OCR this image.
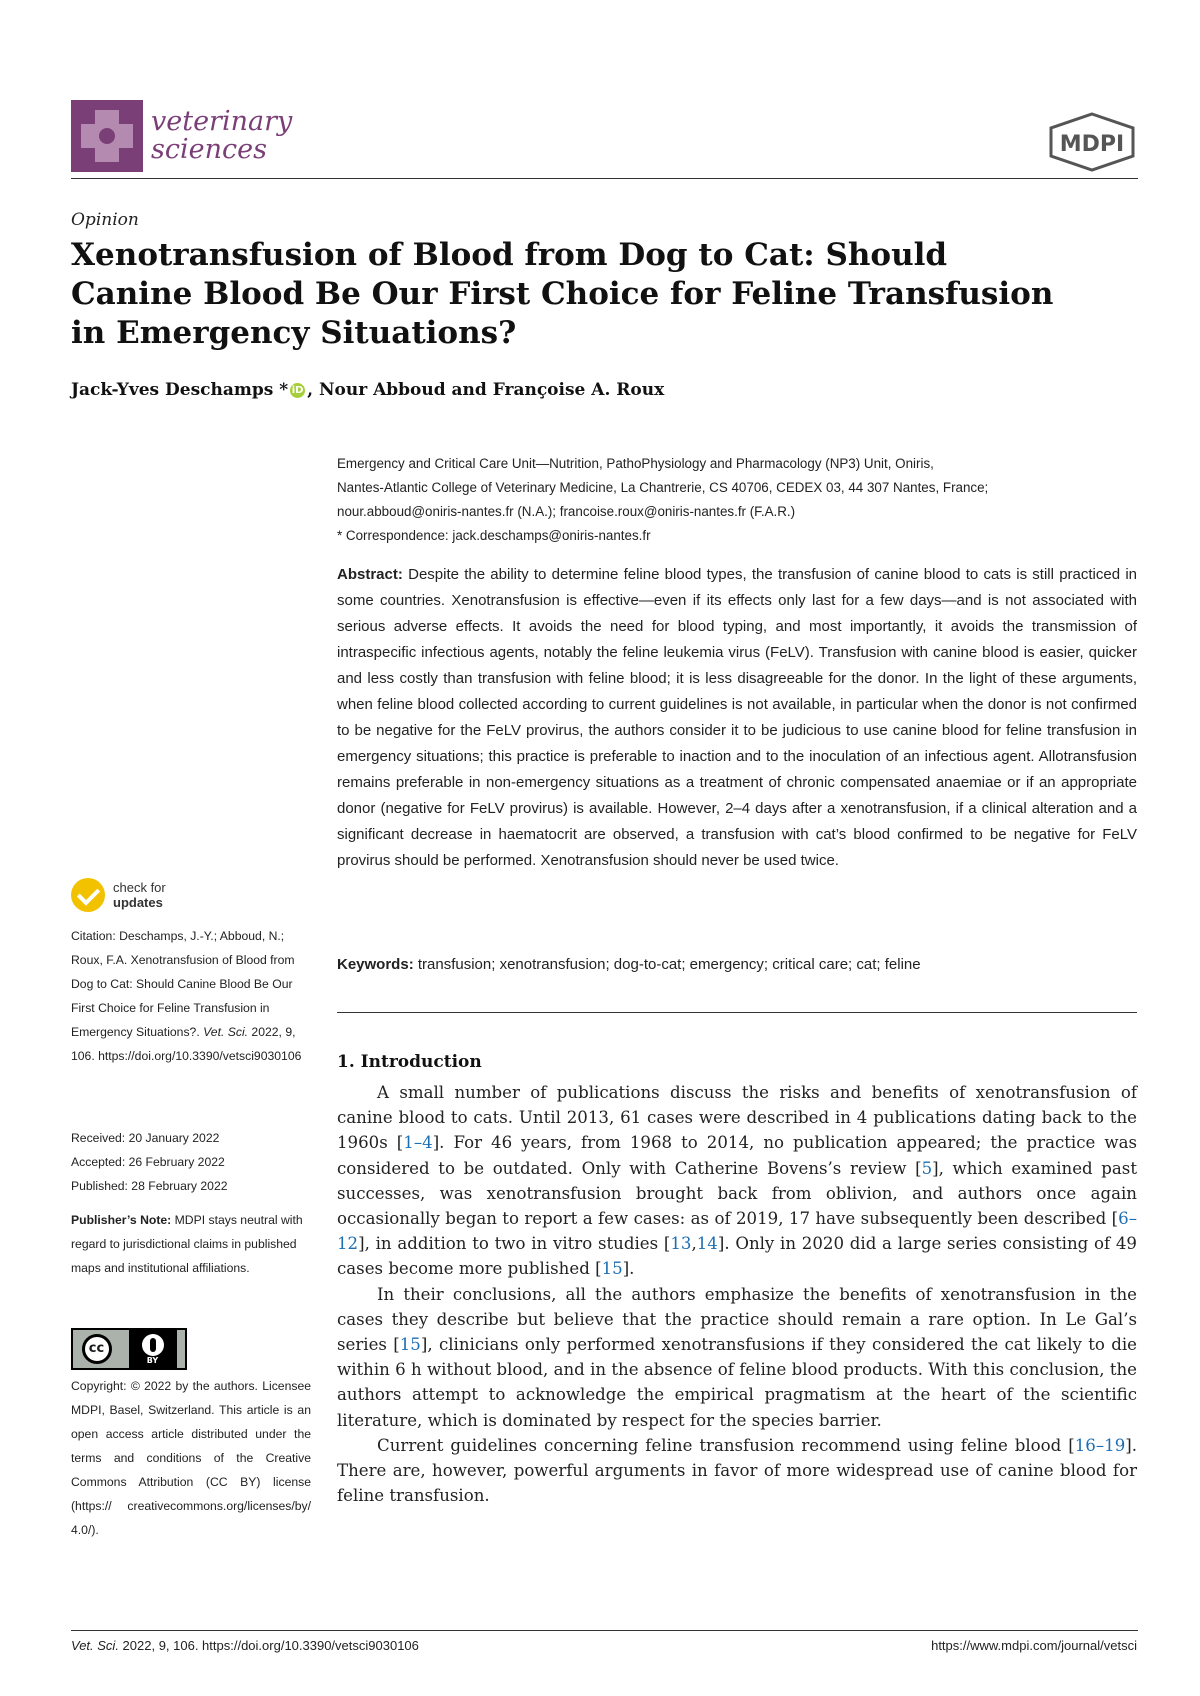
veterinary
sciences	MDPI
Opinion
Xenotransfusion of Blood from Dog to Cat: Should Canine Blood Be Our First Choice for Feline Transfusion in Emergency Situations?
Jack-Yves Deschamps * iD , Nour Abboud and Françoise A. Roux

Emergency and Critical Care Unit—Nutrition, PathoPhysiology and Pharmacology (NP3) Unit, Oniris,

Nantes-Atlantic College of Veterinary Medicine, La Chantrerie, CS 40706, CEDEX 03, 44 307 Nantes, France;

nour.abboud@oniris-nantes.fr (N.A.); francoise.roux@oniris-nantes.fr (F.A.R.)

* Correspondence: jack.deschamps@oniris-nantes.fr

Abstract: Despite the ability to determine feline blood types, the transfusion of canine blood to cats is still practiced in some countries. Xenotransfusion is effective—even if its effects only last for a few days—and is not associated with serious adverse effects. It avoids the need for blood typing, and most importantly, it avoids the transmission of intraspecific infectious agents, notably the feline leukemia virus (FeLV). Transfusion with canine blood is easier, quicker and less costly than transfusion with feline blood; it is less disagreeable for the donor. In the light of these arguments, when feline blood collected according to current guidelines is not available, in particular when the donor is not confirmed to be negative for the FeLV provirus, the authors consider it to be judicious to use canine blood for feline transfusion in emergency situations; this practice is preferable to inaction and to the inoculation of an infectious agent. Allotransfusion remains preferable in non-emergency situations as a treatment of chronic compensated anaemiae or if an appropriate donor (negative for FeLV provirus) is available. However, 2–4 days after a xenotransfusion, if a clinical alteration and a significant decrease in haematocrit are observed, a transfusion with cat’s blood confirmed to be negative for FeLV provirus should be performed. Xenotransfusion should never be used twice.

Keywords: transfusion; xenotransfusion; dog-to-cat; emergency; critical care; cat; feline

1. Introduction

A small number of publications discuss the risks and benefits of xenotransfusion of canine blood to cats. Until 2013, 61 cases were described in 4 publications dating back to the 1960s [1–4]. For 46 years, from 1968 to 2014, no publication appeared; the practice was considered to be outdated. Only with Catherine Bovens’s review [5], which examined past successes, was xenotransfusion brought back from oblivion, and authors once again occasionally began to report a few cases: as of 2019, 17 have subsequently been described [6–12], in addition to two in vitro studies [13,14]. Only in 2020 did a large series consisting of 49 cases become more published [15].

In their conclusions, all the authors emphasize the benefits of xenotransfusion in the cases they describe but believe that the practice should remain a rare option. In Le Gal’s series [15], clinicians only performed xenotransfusions if they considered the cat likely to die within 6 h without blood, and in the absence of feline blood products. With this conclusion, the authors attempt to acknowledge the empirical pragmatism at the heart of the scientific literature, which is dominated by respect for the species barrier.

Current guidelines concerning feline transfusion recommend using feline blood [16–19]. There are, however, powerful arguments in favor of more widespread use of canine blood for feline transfusion.

check for
updates
Citation: Deschamps, J.-Y.; Abboud, N.; Roux, F.A. Xenotransfusion of Blood from Dog to Cat: Should Canine Blood Be Our First Choice for Feline Transfusion in Emergency Situations?. Vet. Sci. 2022, 9, 106. https://doi.org/10.3390/vetsci9030106
Received: 20 January 2022
Accepted: 26 February 2022
Published: 28 February 2022

Publisher’s Note: MDPI stays neutral with regard to jurisdictional claims in published maps and institutional affiliations.

cc
BY
Copyright: © 2022 by the authors. Licensee MDPI, Basel, Switzerland. This article is an open access article distributed under the terms and conditions of the Creative Commons Attribution (CC BY) license (https:// creativecommons.org/licenses/by/ 4.0/).
Vet. Sci. 2022, 9, 106. https://doi.org/10.3390/vetsci9030106	https://www.mdpi.com/journal/vetsci
